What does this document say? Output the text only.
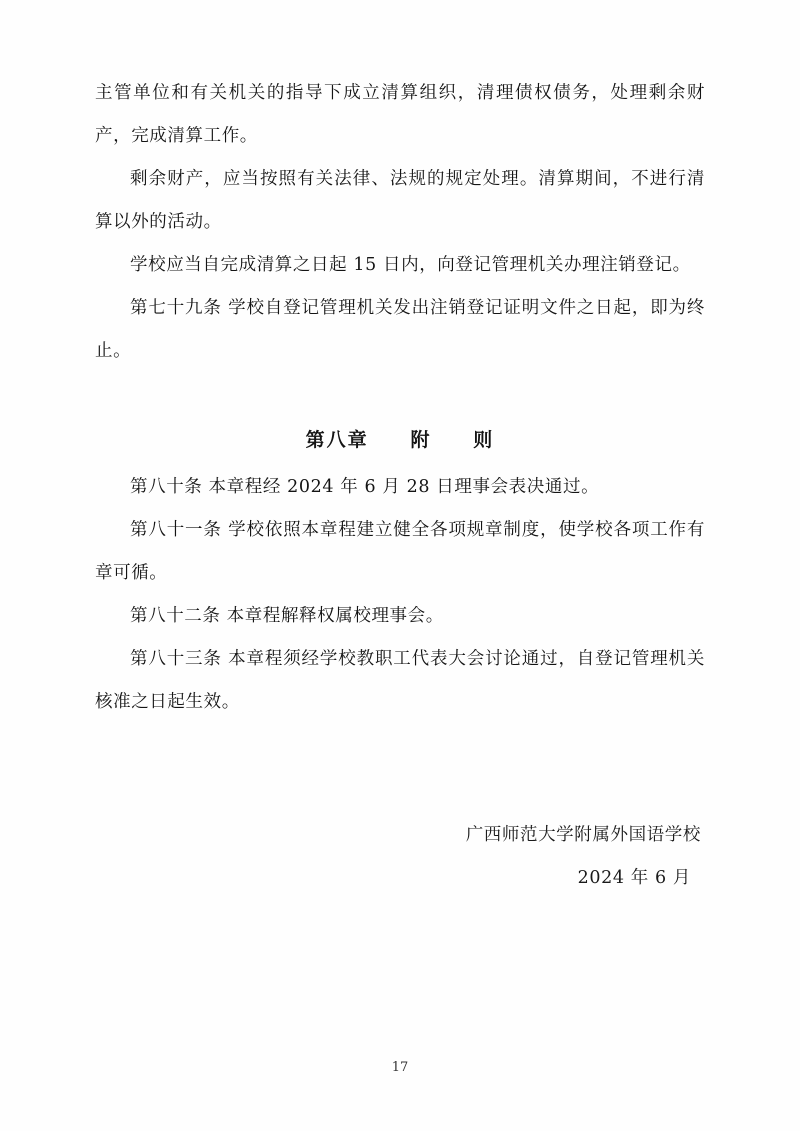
主管单位和有关机关的指导下成立清算组织，清理债权债务，处理剩余财产，完成清算工作。

剩余财产，应当按照有关法律、法规的规定处理。清算期间，不进行清算以外的活动。

学校应当自完成清算之日起 15 日内，向登记管理机关办理注销登记。

第七十九条 学校自登记管理机关发出注销登记证明文件之日起，即为终止。

第八章 附 则

第八十条 本章程经 2024 年 6 月 28 日理事会表决通过。

第八十一条 学校依照本章程建立健全各项规章制度，使学校各项工作有章可循。

第八十二条 本章程解释权属校理事会。

第八十三条 本章程须经学校教职工代表大会讨论通过，自登记管理机关核准之日起生效。

广西师范大学附属外国语学校
2024 年 6 月
17
